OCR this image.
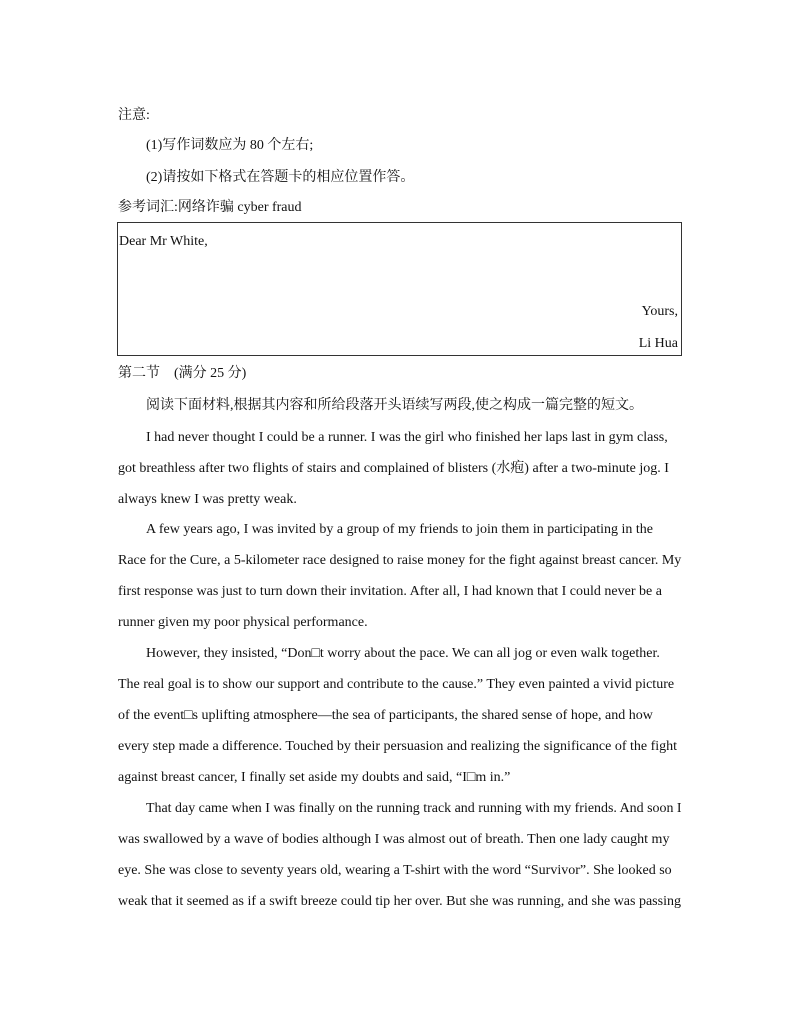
注意:
(1)写作词数应为 80 个左右;
(2)请按如下格式在答题卡的相应位置作答。
参考词汇:网络诈骗 cyber fraud
Dear Mr White,
Yours,
Li Hua
第二节　(满分 25 分)
阅读下面材料,根据其内容和所给段落开头语续写两段,使之构成一篇完整的短文。
I had never thought I could be a runner. I was the girl who finished her laps last in gym class,
got breathless after two flights of stairs and complained of blisters (水疱) after a two-minute jog. I
always knew I was pretty weak.
A few years ago, I was invited by a group of my friends to join them in participating in the
Race for the Cure, a 5-kilometer race designed to raise money for the fight against breast cancer. My
first response was just to turn down their invitation. After all, I had known that I could never be a
runner given my poor physical performance.
However, they insisted, “Don□t worry about the pace. We can all jog or even walk together.
The real goal is to show our support and contribute to the cause.” They even painted a vivid picture
of the event□s uplifting atmosphere—the sea of participants, the shared sense of hope, and how
every step made a difference. Touched by their persuasion and realizing the significance of the fight
against breast cancer, I finally set aside my doubts and said, “I□m in.”
That day came when I was finally on the running track and running with my friends. And soon I
was swallowed by a wave of bodies although I was almost out of breath. Then one lady caught my
eye. She was close to seventy years old, wearing a T-shirt with the word “Survivor”. She looked so
weak that it seemed as if a swift breeze could tip her over. But she was running, and she was passing
